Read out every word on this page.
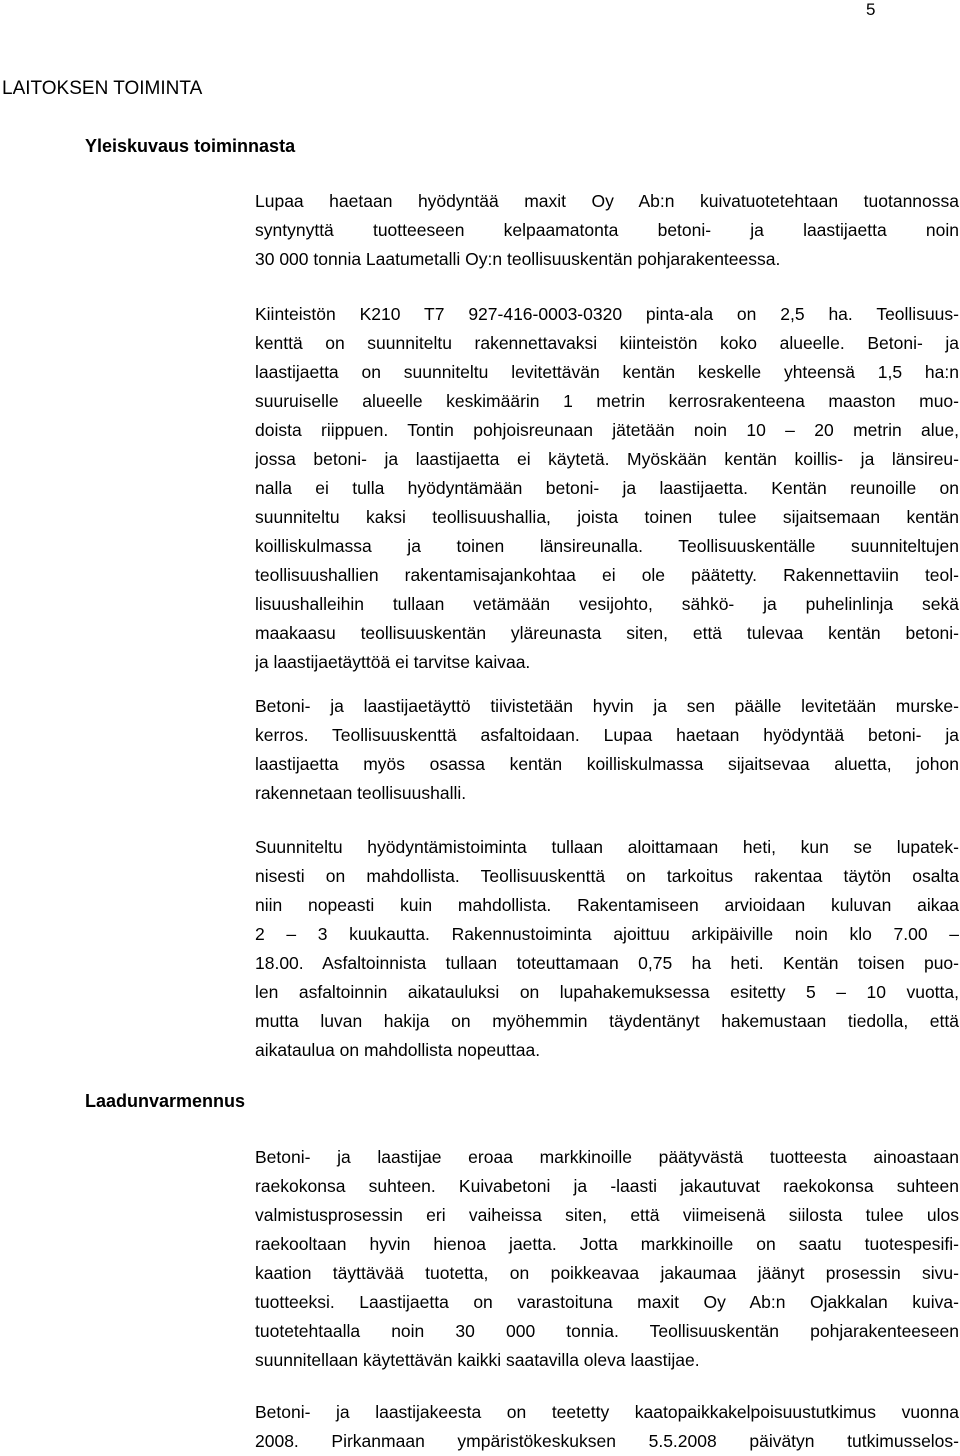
5
LAITOKSEN TOIMINTA
Yleiskuvaus toiminnasta
Laadunvarmennus
Lupaa haetaan hyödyntää maxit Oy Ab:n kuivatuotetehtaan tuotannossa
syntynyttä tuotteeseen kelpaamatonta betoni- ja laastijaetta noin
30 000 tonnia Laatumetalli Oy:n teollisuuskentän pohjarakenteessa.
Kiinteistön K210 T7 927-416-0003-0320 pinta-ala on 2,5 ha. Teollisuus-
kenttä on suunniteltu rakennettavaksi kiinteistön koko alueelle. Betoni- ja
laastijaetta on suunniteltu levitettävän kentän keskelle yhteensä 1,5 ha:n
suuruiselle alueelle keskimäärin 1 metrin kerrosrakenteena maaston muo-
doista riippuen. Tontin pohjoisreunaan jätetään noin 10 – 20 metrin alue,
jossa betoni- ja laastijaetta ei käytetä. Myöskään kentän koillis- ja länsireu-
nalla ei tulla hyödyntämään betoni- ja laastijaetta. Kentän reunoille on
suunniteltu kaksi teollisuushallia, joista toinen tulee sijaitsemaan kentän
koilliskulmassa ja toinen länsireunalla. Teollisuuskentälle suunniteltujen
teollisuushallien rakentamisajankohtaa ei ole päätetty. Rakennettaviin teol-
lisuushalleihin tullaan vetämään vesijohto, sähkö- ja puhelinlinja sekä
maakaasu teollisuuskentän yläreunasta siten, että tulevaa kentän betoni-
ja laastijaetäyttöä ei tarvitse kaivaa.
Betoni- ja laastijaetäyttö tiivistetään hyvin ja sen päälle levitetään murske-
kerros. Teollisuuskenttä asfaltoidaan. Lupaa haetaan hyödyntää betoni- ja
laastijaetta myös osassa kentän koilliskulmassa sijaitsevaa aluetta, johon
rakennetaan teollisuushalli.
Suunniteltu hyödyntämistoiminta tullaan aloittamaan heti, kun se lupatek-
nisesti on mahdollista. Teollisuuskenttä on tarkoitus rakentaa täytön osalta
niin nopeasti kuin mahdollista. Rakentamiseen arvioidaan kuluvan aikaa
2 – 3 kuukautta. Rakennustoiminta ajoittuu arkipäiville noin klo 7.00 –
18.00. Asfaltoinnista tullaan toteuttamaan 0,75 ha heti. Kentän toisen puo-
len asfaltoinnin aikatauluksi on lupahakemuksessa esitetty 5 – 10 vuotta,
mutta luvan hakija on myöhemmin täydentänyt hakemustaan tiedolla, että
aikataulua on mahdollista nopeuttaa.
Betoni- ja laastijae eroaa markkinoille päätyvästä tuotteesta ainoastaan
raekokonsa suhteen. Kuivabetoni ja -laasti jakautuvat raekokonsa suhteen
valmistusprosessin eri vaiheissa siten, että viimeisenä siilosta tulee ulos
raekooltaan hyvin hienoa jaetta. Jotta markkinoille on saatu tuotespesifi-
kaation täyttävää tuotetta, on poikkeavaa jakaumaa jäänyt prosessin sivu-
tuotteeksi. Laastijaetta on varastoituna maxit Oy Ab:n Ojakkalan kuiva-
tuotetehtaalla noin 30 000 tonnia. Teollisuuskentän pohjarakenteeseen
suunnitellaan käytettävän kaikki saatavilla oleva laastijae.
Betoni- ja laastijakeesta on teetetty kaatopaikkakelpoisuustutkimus vuonna
2008. Pirkanmaan ympäristökeskuksen 5.5.2008 päivätyn tutkimusselos-
